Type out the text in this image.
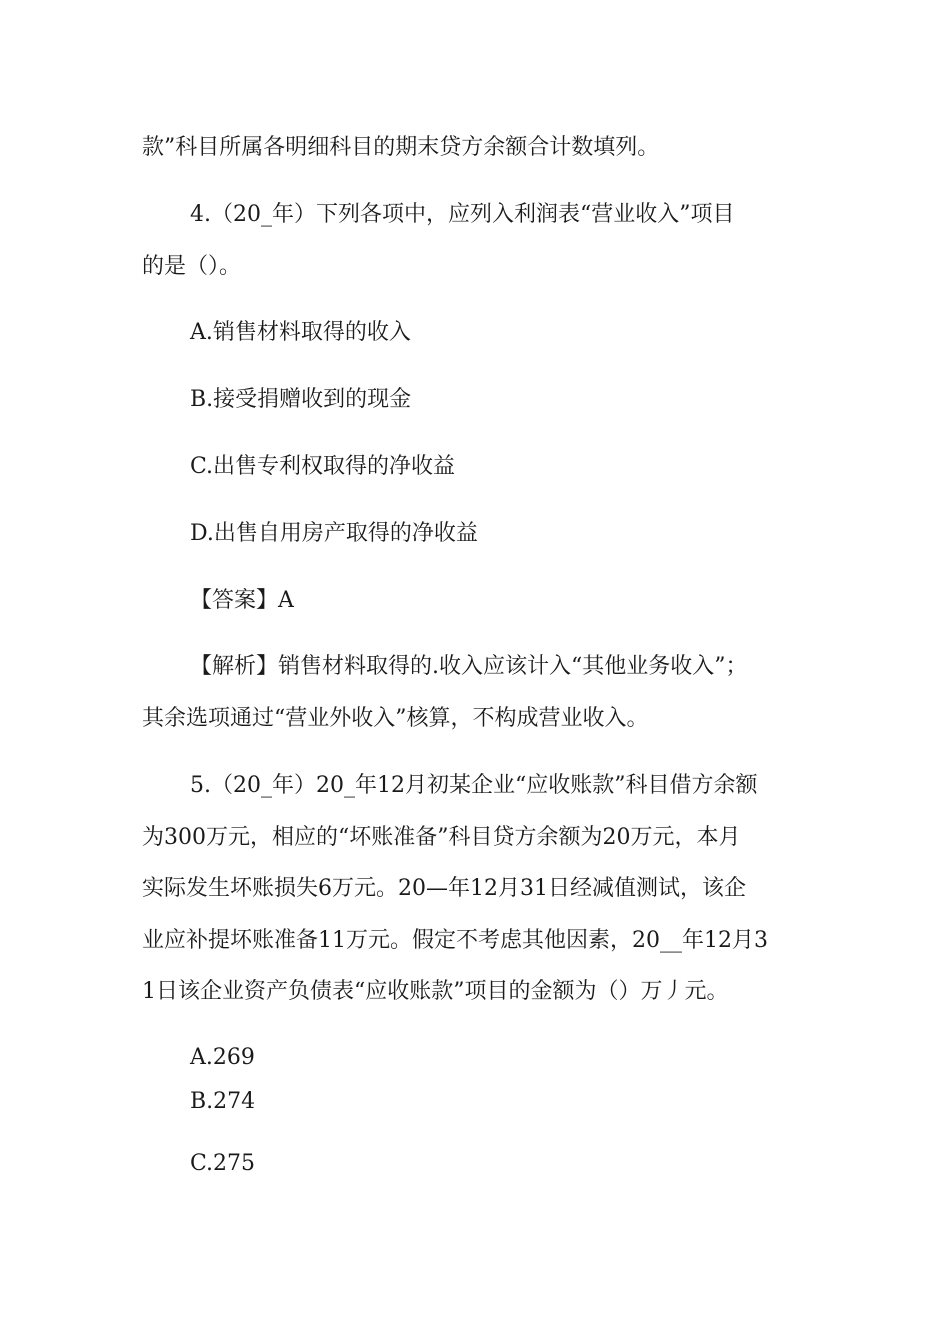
款”科目所属各明细科目的期末贷方余额合计数填列。
4.（20_年）下列各项中，应列入利润表“营业收入”项目
的是（）。
A.销售材料取得的收入
B.接受捐赠收到的现金
C.出售专利权取得的净收益
D.出售自用房产取得的净收益
【答案】A
【解析】销售材料取得的.收入应该计入“其他业务收入”；
其余选项通过“营业外收入”核算，不构成营业收入。
5.（20_年）20_年12月初某企业“应收账款”科目借方余额
为300万元，相应的“坏账准备”科目贷方余额为20万元，本月
实际发生坏账损失6万元。20—年12月31日经减值测试，该企
业应补提坏账准备11万元。假定不考虑其他因素，20__年12月3
1日该企业资产负债表“应收账款”项目的金额为（）万丿元。
A.269
B.274
C.275
